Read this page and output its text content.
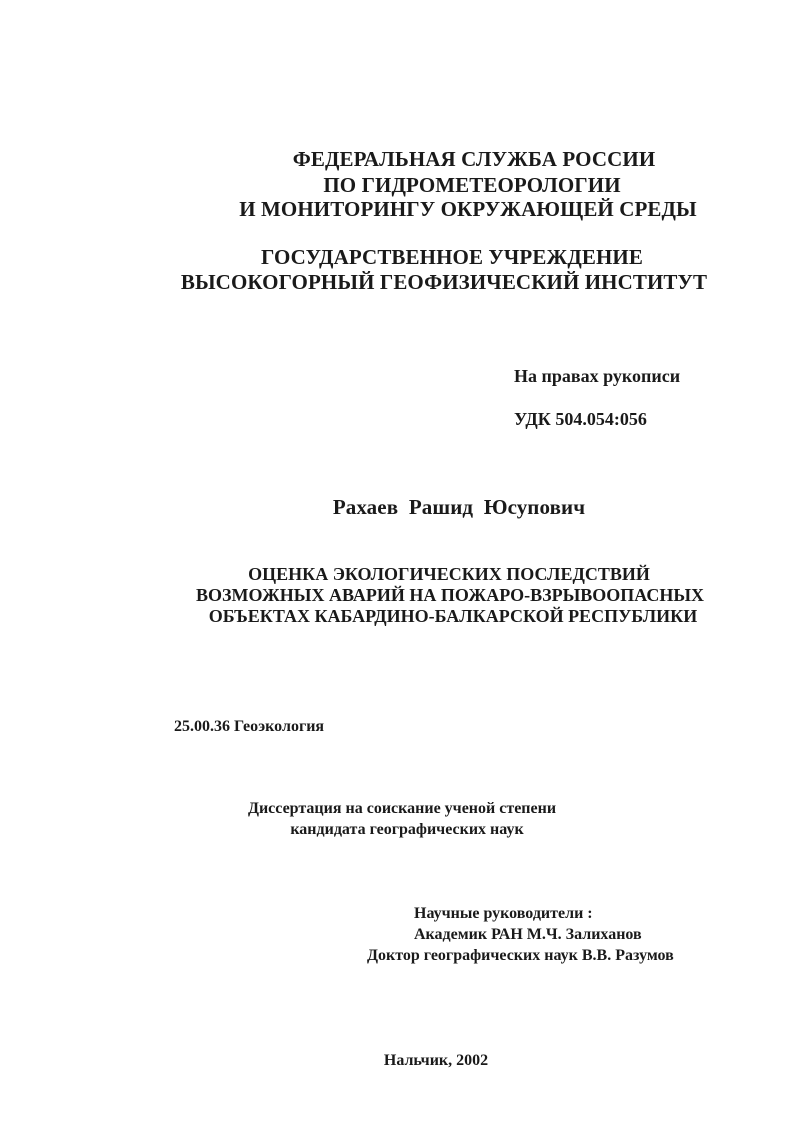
ФЕДЕРАЛЬНАЯ СЛУЖБА РОССИИ

ПО ГИДРОМЕТЕОРОЛОГИИ

И МОНИТОРИНГУ ОКРУЖАЮЩЕЙ СРЕДЫ

ГОСУДАРСТВЕННОЕ УЧРЕЖДЕНИЕ

ВЫСОКОГОРНЫЙ ГЕОФИЗИЧЕСКИЙ ИНСТИТУТ

На правах рукописи

УДК 504.054:056

Рахаев  Рашид  Юсупович

ОЦЕНКА ЭКОЛОГИЧЕСКИХ ПОСЛЕДСТВИЙ

ВОЗМОЖНЫХ АВАРИЙ НА ПОЖАРО-ВЗРЫВООПАСНЫХ

ОБЪЕКТАХ КАБАРДИНО-БАЛКАРСКОЙ РЕСПУБЛИКИ

25.00.36 Геоэкология

Диссертация на соискание ученой степени

кандидата географических наук

Научные руководители :

Академик РАН М.Ч. Залиханов

Доктор географических наук В.В. Разумов

Нальчик, 2002
